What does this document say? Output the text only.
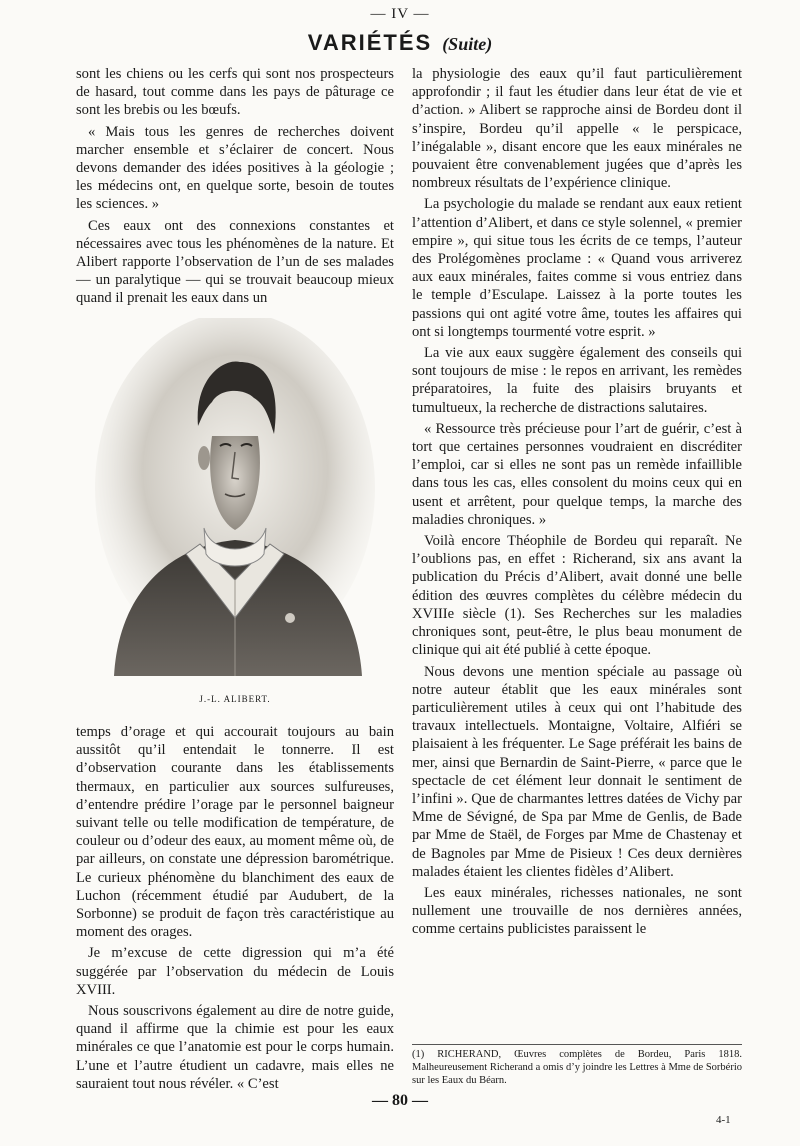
— IV —
VARIÉTÉS (Suite)

sont les chiens ou les cerfs qui sont nos prospecteurs de hasard, tout comme dans les pays de pâturage ce sont les brebis ou les bœufs.

« Mais tous les genres de recherches doivent marcher ensemble et s’éclairer de concert. Nous devons demander des idées positives à la géologie ; les médecins ont, en quelque sorte, besoin de toutes les sciences. »

Ces eaux ont des connexions constantes et nécessaires avec tous les phénomènes de la nature. Et Alibert rapporte l’observation de l’un de ses malades — un paralytique — qui se trouvait beaucoup mieux quand il prenait les eaux dans un

J.-L. ALIBERT.

temps d’orage et qui accourait toujours au bain aussitôt qu’il entendait le tonnerre. Il est d’observation courante dans les établissements thermaux, en particulier aux sources sulfureuses, d’entendre prédire l’orage par le personnel baigneur suivant telle ou telle modification de température, de couleur ou d’odeur des eaux, au moment même où, de par ailleurs, on constate une dépression barométrique. Le curieux phénomène du blanchiment des eaux de Luchon (récemment étudié par Audubert, de la Sorbonne) se produit de façon très caractéristique au moment des orages.

Je m’excuse de cette digression qui m’a été suggérée par l’observation du médecin de Louis XVIII.

Nous souscrivons également au dire de notre guide, quand il affirme que la chimie est pour les eaux minérales ce que l’anatomie est pour le corps humain. L’une et l’autre étudient un cadavre, mais elles ne sauraient tout nous révéler. « C’est

la physiologie des eaux qu’il faut particulièrement approfondir ; il faut les étudier dans leur état de vie et d’action. » Alibert se rapproche ainsi de Bordeu dont il s’inspire, Bordeu qu’il appelle « le perspicace, l’inégalable », disant encore que les eaux minérales ne pouvaient être convenablement jugées que d’après les nombreux résultats de l’expérience clinique.

La psychologie du malade se rendant aux eaux retient l’attention d’Alibert, et dans ce style solennel, « premier empire », qui situe tous les écrits de ce temps, l’auteur des Prolégomènes proclame : « Quand vous arriverez aux eaux minérales, faites comme si vous entriez dans le temple d’Esculape. Laissez à la porte toutes les passions qui ont agité votre âme, toutes les affaires qui ont si longtemps tourmenté votre esprit. »

La vie aux eaux suggère également des conseils qui sont toujours de mise : le repos en arrivant, les remèdes préparatoires, la fuite des plaisirs bruyants et tumultueux, la recherche de distractions salutaires.

« Ressource très précieuse pour l’art de guérir, c’est à tort que certaines personnes voudraient en discréditer l’emploi, car si elles ne sont pas un remède infaillible dans tous les cas, elles consolent du moins ceux qui en usent et arrêtent, pour quelque temps, la marche des maladies chroniques. »

Voilà encore Théophile de Bordeu qui reparaît. Ne l’oublions pas, en effet : Richerand, six ans avant la publication du Précis d’Alibert, avait donné une belle édition des œuvres complètes du célèbre médecin du XVIIIe siècle (1). Ses Recherches sur les maladies chroniques sont, peut-être, le plus beau monument de clinique qui ait été publié à cette époque.

Nous devons une mention spéciale au passage où notre auteur établit que les eaux minérales sont particulièrement utiles à ceux qui ont l’habitude des travaux intellectuels. Montaigne, Voltaire, Alfiéri se plaisaient à les fréquenter. Le Sage préférait les bains de mer, ainsi que Bernardin de Saint-Pierre, « parce que le spectacle de cet élément leur donnait le sentiment de l’infini ». Que de charmantes lettres datées de Vichy par Mme de Sévigné, de Spa par Mme de Genlis, de Bade par Mme de Staël, de Forges par Mme de Chastenay et de Bagnoles par Mme de Pisieux ! Ces deux dernières malades étaient les clientes fidèles d’Alibert.

Les eaux minérales, richesses nationales, ne sont nullement une trouvaille de nos dernières années, comme certains publicistes paraissent le

(1) RICHERAND, Œuvres complètes de Bordeu, Paris 1818. Malheureusement Richerand a omis d’y joindre les Lettres à Mme de Sorbério sur les Eaux du Béarn.
— 80 —
4-1
